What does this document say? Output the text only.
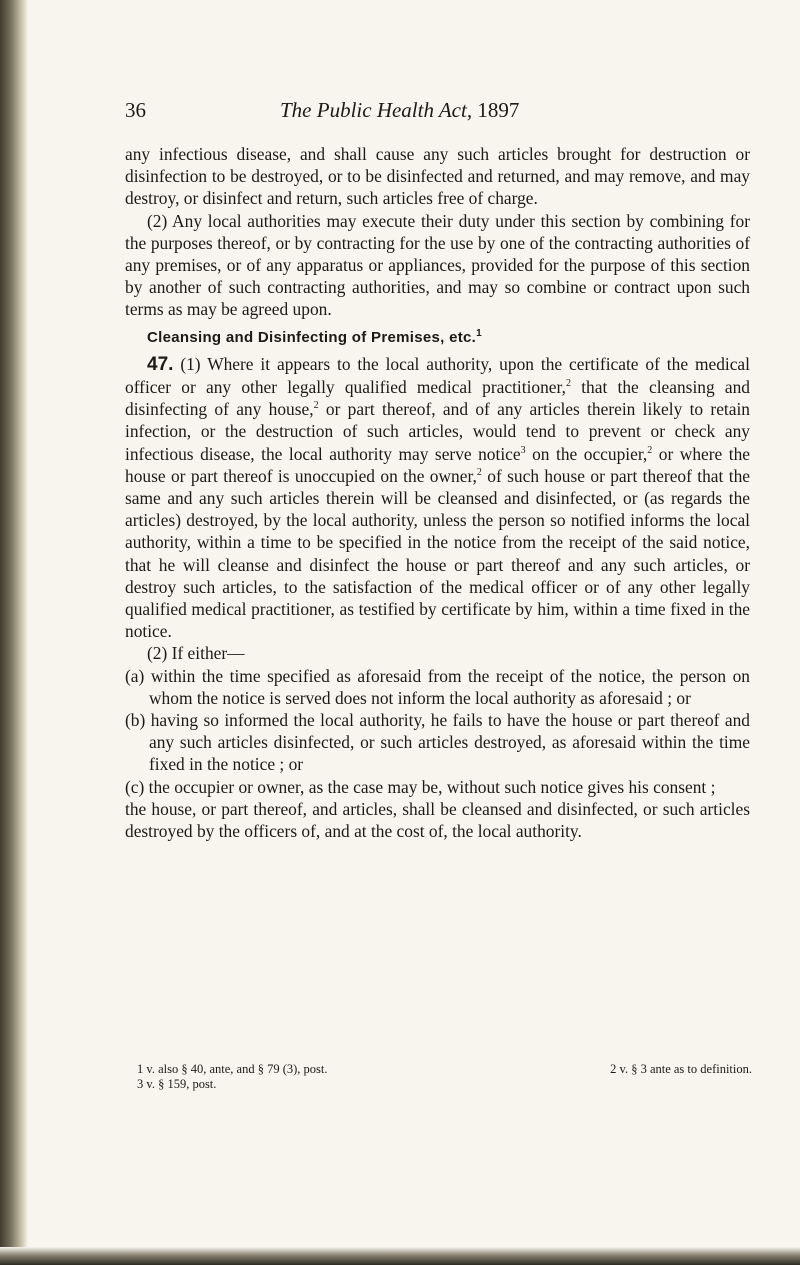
36	The Public Health Act, 1897

any infectious disease, and shall cause any such articles brought for destruction or disinfection to be destroyed, or to be disinfected and returned, and may remove, and may destroy, or disinfect and return, such articles free of charge.

(2) Any local authorities may execute their duty under this section by combining for the purposes thereof, or by contracting for the use by one of the contracting authorities of any premises, or of any apparatus or appliances, provided for the purpose of this section by another of such contracting authorities, and may so combine or contract upon such terms as may be agreed upon.

Cleansing and Disinfecting of Premises, etc.$^1$

47. (1) Where it appears to the local authority, upon the certificate of the medical officer or any other legally qualified medical practitioner,$^2$ that the cleansing and disinfecting of any house,$^2$ or part thereof, and of any articles therein likely to retain infection, or the destruction of such articles, would tend to prevent or check any infectious disease, the local authority may serve notice$^3$ on the occupier,$^2$ or where the house or part thereof is unoccupied on the owner,$^2$ of such house or part thereof that the same and any such articles therein will be cleansed and disinfected, or (as regards the articles) destroyed, by the local authority, unless the person so notified informs the local authority, within a time to be specified in the notice from the receipt of the said notice, that he will cleanse and disinfect the house or part thereof and any such articles, or destroy such articles, to the satisfaction of the medical officer or of any other legally qualified medical practitioner, as testified by certificate by him, within a time fixed in the notice.

(2) If either—

(a) within the time specified as aforesaid from the receipt of the notice, the person on whom the notice is served does not inform the local authority as aforesaid ; or

(b) having so informed the local authority, he fails to have the house or part thereof and any such articles disinfected, or such articles destroyed, as aforesaid within the time fixed in the notice ; or

(c) the occupier or owner, as the case may be, without such notice gives his consent ;

the house, or part thereof, and articles, shall be cleansed and disinfected, or such articles destroyed by the officers of, and at the cost of, the local authority.

1 v. also § 40, ante, and § 79 (3), post.	2 v. § 3 ante as to definition.
3 v. § 159, post.
